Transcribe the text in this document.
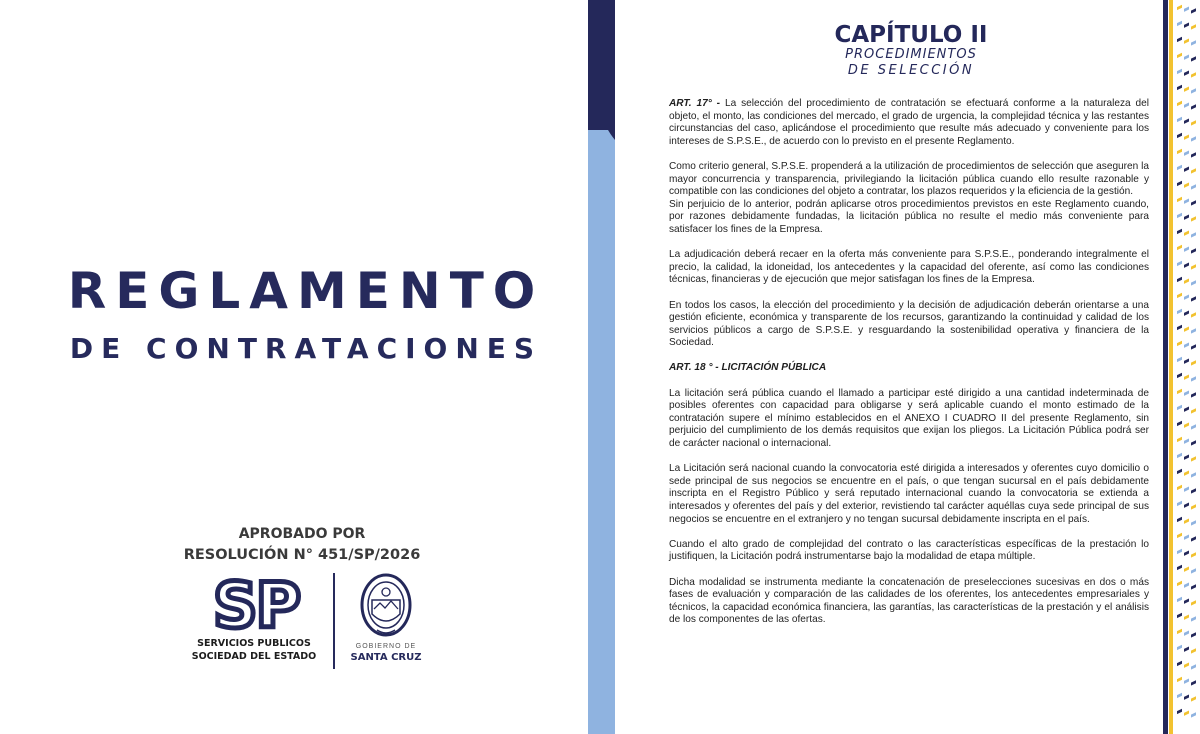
REGLAMENTO
DE CONTRATACIONES
APROBADO POR
RESOLUCIÓN N° 451/SP/2026
SP
SERVICIOS PUBLICOS
SOCIEDAD DEL ESTADO
GOBIERNO DE
SANTA CRUZ
CAPÍTULO II
PROCEDIMIENTOS
DE SELECCIÓN

ART. 17° - La selección del procedimiento de contratación se efectuará conforme a la naturaleza del objeto, el monto, las condiciones del mercado, el grado de urgencia, la complejidad técnica y las restantes circunstancias del caso, aplicándose el procedimiento que resulte más adecuado y conveniente para los intereses de S.P.S.E., de acuerdo con lo previsto en el presente Reglamento.

Como criterio general, S.P.S.E. propenderá a la utilización de procedimientos de selección que aseguren la mayor concurrencia y transparencia, privilegiando la licitación pública cuando ello resulte razonable y compatible con las condiciones del objeto a contratar, los plazos requeridos y la eficiencia de la gestión.

Sin perjuicio de lo anterior, podrán aplicarse otros procedimientos previstos en este Reglamento cuando, por razones debidamente fundadas, la licitación pública no resulte el medio más conveniente para satisfacer los fines de la Empresa.

La adjudicación deberá recaer en la oferta más conveniente para S.P.S.E., ponderando integralmente el precio, la calidad, la idoneidad, los antecedentes y la capacidad del oferente, así como las condiciones técnicas, financieras y de ejecución que mejor satisfagan los fines de la Empresa.

En todos los casos, la elección del procedimiento y la decisión de adjudicación deberán orientarse a una gestión eficiente, económica y transparente de los recursos, garantizando la continuidad y calidad de los servicios públicos a cargo de S.P.S.E. y resguardando la sostenibilidad operativa y financiera de la Sociedad.

ART. 18 ° - LICITACIÓN PÚBLICA

La licitación será pública cuando el llamado a participar esté dirigido a una cantidad indeterminada de posibles oferentes con capacidad para obligarse y será aplicable cuando el monto estimado de la contratación supere el mínimo establecidos en el ANEXO I CUADRO II del presente Reglamento, sin perjuicio del cumplimiento de los demás requisitos que exijan los pliegos. La Licitación Pública podrá ser de carácter nacional o internacional.

La Licitación será nacional cuando la convocatoria esté dirigida a interesados y oferentes cuyo domicilio o sede principal de sus negocios se encuentre en el país, o que tengan sucursal en el país debidamente inscripta en el Registro Público y será reputado internacional cuando la convocatoria se extienda a interesados y oferentes del país y del exterior, revistiendo tal carácter aquéllas cuya sede principal de sus negocios se encuentre en el extranjero y no tengan sucursal debidamente inscripta en el país.

Cuando el alto grado de complejidad del contrato o las características específicas de la prestación lo justifiquen, la Licitación podrá instrumentarse bajo la modalidad de etapa múltiple.

Dicha modalidad se instrumenta mediante la concatenación de preselecciones sucesivas en dos o más fases de evaluación y comparación de las calidades de los oferentes, los antecedentes empresariales y técnicos, la capacidad económica financiera, las garantías, las características de la prestación y el análisis de los componentes de las ofertas.
